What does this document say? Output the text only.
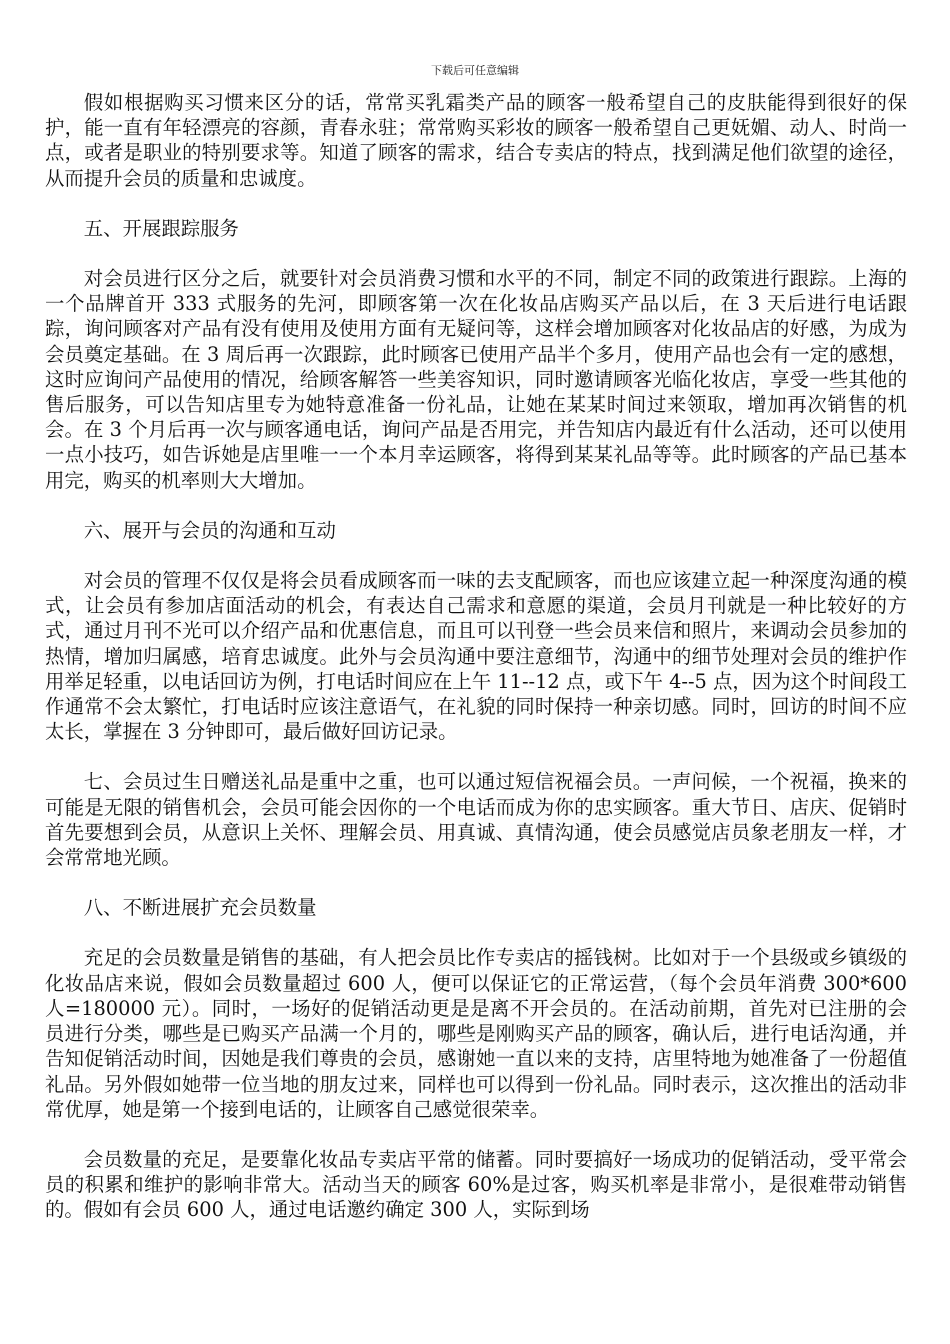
下载后可任意编辑

假如根据购买习惯来区分的话，常常买乳霜类产品的顾客一般希望自己的皮肤能得到很好的保护，能一直有年轻漂亮的容颜，青春永驻；常常购买彩妆的顾客一般希望自己更妩媚、动人、时尚一点，或者是职业的特别要求等。知道了顾客的需求，结合专卖店的特点，找到满足他们欲望的途径，从而提升会员的质量和忠诚度。

五、开展跟踪服务

对会员进行区分之后，就要针对会员消费习惯和水平的不同，制定不同的政策进行跟踪。上海的一个品牌首开 333 式服务的先河，即顾客第一次在化妆品店购买产品以后，在 3 天后进行电话跟踪，询问顾客对产品有没有使用及使用方面有无疑问等，这样会增加顾客对化妆品店的好感，为成为会员奠定基础。在 3 周后再一次跟踪，此时顾客已使用产品半个多月，使用产品也会有一定的感想，这时应询问产品使用的情况，给顾客解答一些美容知识，同时邀请顾客光临化妆店，享受一些其他的售后服务，可以告知店里专为她特意准备一份礼品，让她在某某时间过来领取，增加再次销售的机会。在 3 个月后再一次与顾客通电话，询问产品是否用完，并告知店内最近有什么活动，还可以使用一点小技巧，如告诉她是店里唯一一个本月幸运顾客，将得到某某礼品等等。此时顾客的产品已基本用完，购买的机率则大大增加。

六、展开与会员的沟通和互动

对会员的管理不仅仅是将会员看成顾客而一味的去支配顾客，而也应该建立起一种深度沟通的模式，让会员有参加店面活动的机会，有表达自己需求和意愿的渠道，会员月刊就是一种比较好的方式，通过月刊不光可以介绍产品和优惠信息，而且可以刊登一些会员来信和照片，来调动会员参加的热情，增加归属感，培育忠诚度。此外与会员沟通中要注意细节，沟通中的细节处理对会员的维护作用举足轻重，以电话回访为例，打电话时间应在上午 11--12 点，或下午 4--5 点，因为这个时间段工作通常不会太繁忙，打电话时应该注意语气，在礼貌的同时保持一种亲切感。同时，回访的时间不应太长，掌握在 3 分钟即可，最后做好回访记录。

七、会员过生日赠送礼品是重中之重，也可以通过短信祝福会员。一声问候，一个祝福，换来的可能是无限的销售机会，会员可能会因你的一个电话而成为你的忠实顾客。重大节日、店庆、促销时首先要想到会员，从意识上关怀、理解会员、用真诚、真情沟通，使会员感觉店员象老朋友一样，才会常常地光顾。

八、不断进展扩充会员数量

充足的会员数量是销售的基础，有人把会员比作专卖店的摇钱树。比如对于一个县级或乡镇级的化妆品店来说，假如会员数量超过 600 人，便可以保证它的正常运营，（每个会员年消费 300*600 人=180000 元）。同时，一场好的促销活动更是是离不开会员的。在活动前期，首先对已注册的会员进行分类，哪些是已购买产品满一个月的，哪些是刚购买产品的顾客，确认后，进行电话沟通，并告知促销活动时间，因她是我们尊贵的会员，感谢她一直以来的支持，店里特地为她准备了一份超值礼品。另外假如她带一位当地的朋友过来，同样也可以得到一份礼品。同时表示，这次推出的活动非常优厚，她是第一个接到电话的，让顾客自己感觉很荣幸。

会员数量的充足，是要靠化妆品专卖店平常的储蓄。同时要搞好一场成功的促销活动，受平常会员的积累和维护的影响非常大。活动当天的顾客 60%是过客，购买机率是非常小，是很难带动销售的。假如有会员 600 人，通过电话邀约确定 300 人，实际到场
